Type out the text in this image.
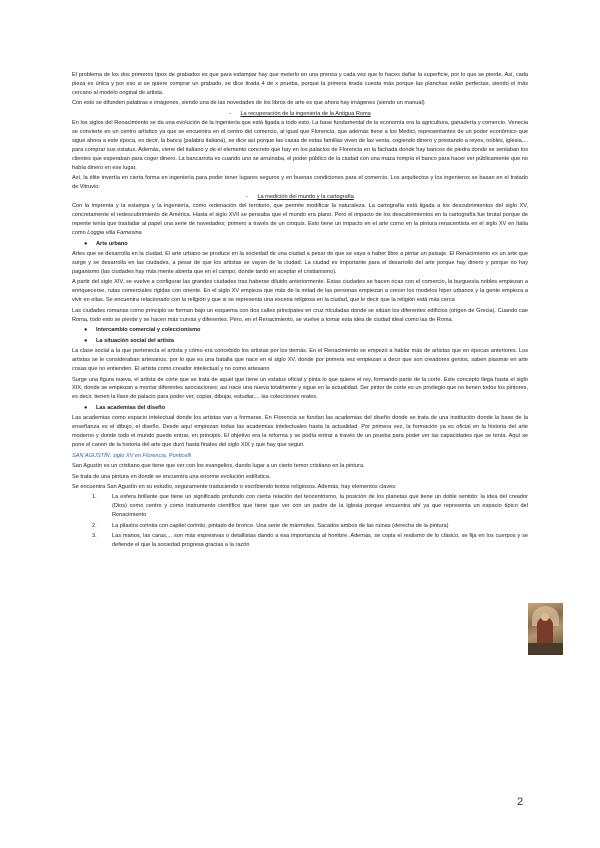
El problema de los dos primeros tipos de grabados es que para estampar hay que meterlo en una prensa y cada vez que lo haces dañar la superficie, por lo que se pierde. Así, cada pieza es única y por eso si se quiere comprar un grabado, se dice tirada 4 de x prueba, porque la primera tirada cuesta más porque las planchas están perfectas, siendo el más cercano al modelo original de artista.

Con esto se difunden palabras e imágenes, siendo una de las novedades de los libros de arte es que ahora hay imágenes (siendo un manual)

-      La recuperación de la ingeniería de la Antigua Roma

En los siglos del Renacimiento se da una evolución de la ingeniería que está ligada a todo esto. La base fundamental de la economía era la agricultura, ganadería y comercio. Venecia se convierte en un centro artístico ya que se encuentra en el centro del comercio, al igual que Florencia, que además tiene a los Medici, representantes de un poder económico que sigue ahora a este época, es decir, la banca (palabra italiana), se dice así porque las casas de estas familias viven de las venta, cogiendo dinero y prestando a reyes, nobles, iglesia,... para comprar sus estatus. Además, viene del italiano y de el elemento concreto que hay en los palacios de Florencia en la fachada donde hay bancos de piedra donde se sentaban los clientes que esperaban para coger dinero. La bancarrota es cuando uno se arruinaba, el poder público de la ciudad con una maza rompía el banco para hacer ver públicamente que no había dinero en ese lugar.

Así, la élite invertía en cierta forma en ingeniería para poder tener lugares seguros y en buenas condiciones para el comercio. Los arquitectos y los ingenieros se basan en el tratado de Vitruvio.

-      La medición del mundo y la cartografía

Con la imprenta y la estampa y la ingeniería, como ordenación del territorio, que permite modificar la naturaleza. La cartografía está ligada a los descubrimientos del siglo XV, concretamente el redescubrimiento de América. Hasta el siglo XVII se pensaba que el mundo era plano. Pero el impacto de los descubrimientos en la cartografía fue brutal porque de repente tenía que trasladar al papel una serie de novedades; primero a través de un croquis. Esto tiene un impacto en el arte como en la pintura renacentista en el siglo XV en Italia como Loggia villa Farnesina

● Arte urbano

Artes que se desarrolla en la ciudad. El arte urbano se produce en la sociedad de una ciudad a pesar de que se vaya a haber libre a pintar un paisaje. El Renacimiento es un arte que surge y se desarrolla en las ciudades, a pesar de que los artistas se vayan de la ciudad. La ciudad es importante para el desarrollo del arte porque hay dinero y porque no hay paganismo (las ciudades hay más mente abierta que en el campo, donde tardó en aceptar el cristianismo).

A partir del siglo XIV, se vuelve a configurar las grandes ciudades tras haberse diluido anteriormente. Estas ciudades se hacen ricas con el comercio, la burguesía nobles empiezan a enriquecerse, rutas comerciales rígidas con oriente. En el siglo XV empieza que más de la mitad de las personas empiezan a crecer los modelos hiper urbanos y la gente empieza a vivir en ellas. Se encuentra relacionado con la religión y que si se representa una escena religiosa en la ciudad, que le decir que la religión está más cerca

Las ciudades romanas como principio se forman bajo un esquema con dos calles principales en cruz rticuladas donde se sitúan los diferentes edificios (origen de Grecia). Cuando cae Roma, todo esto se pierde y se hacen más curvas y diferentes. Pero, en el Renacimiento, se vuelve a tomar esta idea de ciudad ideal como las de Roma.

● Intercambio comercial y coleccionismo
● La situación social del artista

La clase social a la que pertenecía el artista y cómo era concebido los artistas por los demás. En el Renacimiento se empezó a hablar más de artistas que en épocas anteriores. Los artistas se le consideraban artesanos, por lo que es una batalla que nace en el siglo XV, donde por primera vez empiezan a decir que son creadores genios, saben plasmar en arte cosas que no entienden. El artista como creador intelectual y no como artesano

Surge una figura nueva, el artista de corte que se trata de aquel que tiene un estatus oficial y pinta lo que quiere el rey, formando parte de la corte. Este concepto llega hasta el siglo XIX, donde se empiezan a montar diferentes asociaciones; así nace una nueva totalmente y sigue en la actualidad. Ser pintor de corte es un privilegio que no tienen todos los pintores, es decir, tienen la llave de palacio para poder ver, copiar, dibujar, estudiar,... las colecciones reales.

● Las academias del diseño

Las academias como espacio intelectual donde los artistas van a formarse. En Florencia se fundan las academias del diseño donde se trata de una institución donde la base de la enseñanza es el dibujo, el diseño. Desde aquí empiezan todas las academias intelectuales hasta la actualidad. Por primera vez, la formación ya es oficial en la historia del arte moderno y donde todo el mundo puede entrar, en principio. El objetivo era la reforma y se podía entrar a través de un prueba para poder ver las capacidades que se tenía. Aquí se pone el canon de la historia del arte que duró hasta finales del siglo XIX y que hay que seguir.

SAN AGUSTÍN, siglo XV en Florencia, Ponticelli

San Agustín es un cristiano que tiene que ver con los evangelios, dando lugar a un cierto temor cristiano en la pintura.

Se trata de una pintura en donde se encuentra una enorme evolución estilística.

Se encuentra San Agustín en su estudio, seguramente traduciendo o escribiendo textos religiosos. Además, hay elementos claves:

1.	La esfera brillante que tiene un significado profundo con cierta relación del teocentrismo, la posición de los planetas que tiene un doble sentido: la idea del creador (Dios) como centro y como instrumento científico que tiene que ver con un padre de la Iglesia porque encuentra ahí ya que representa un espacio típico del Renacimiento
2.	La pilastra corintia con capitel corintio, pintado de bronce. Una serie de mármoles. Sacados ambos de las ruinas (derecha de la pintura)
3.	Las manos, las caras,... son más expresivas o detallistas dando a esa importancia al hombre. Además, se copia el realismo de lo clásico, se fija en los cuerpos y se defiende el que la sociedad progresa gracias a la razón
2
